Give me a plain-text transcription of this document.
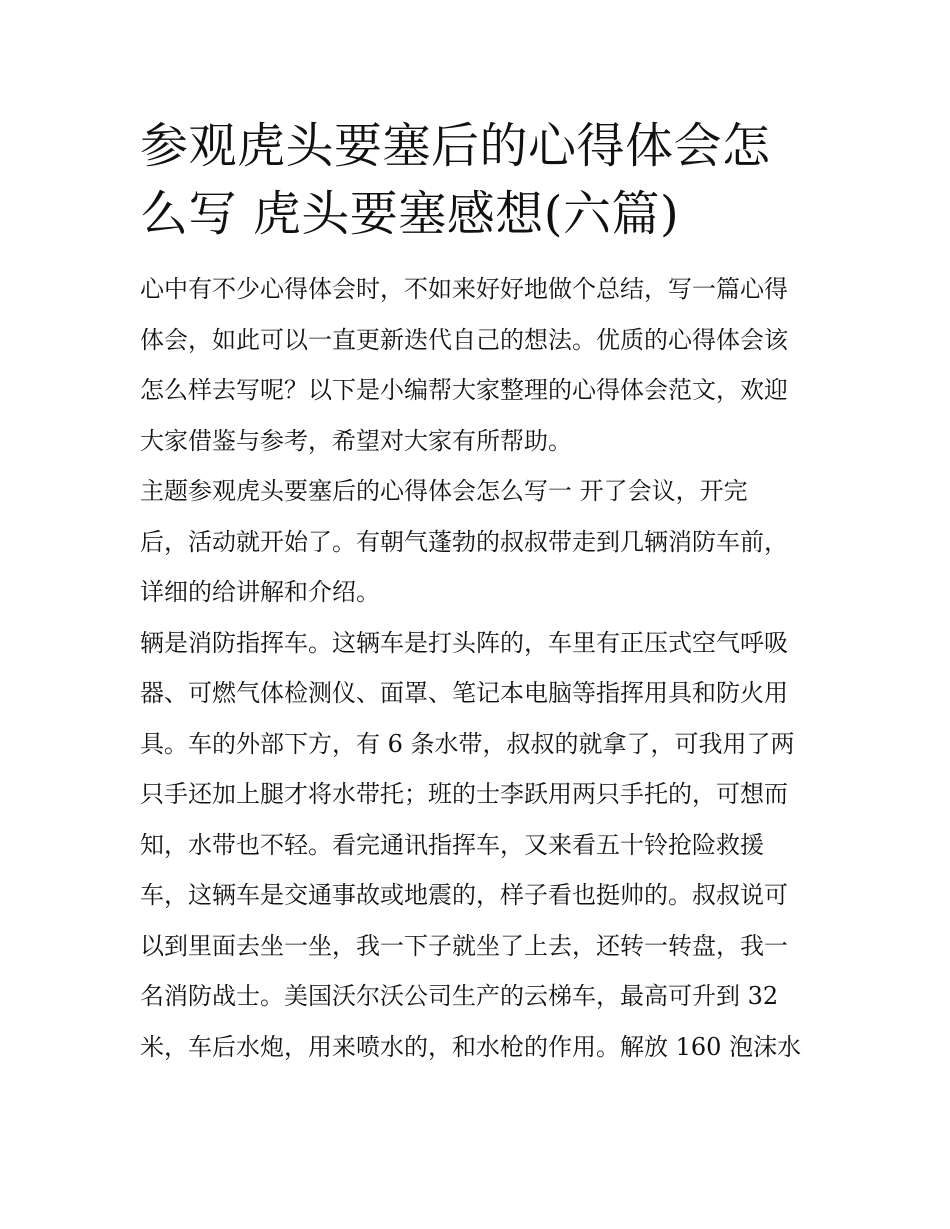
参观虎头要塞后的心得体会怎
么写 虎头要塞感想(六篇)

心中有不少心得体会时，不如来好好地做个总结，写一篇心得
体会，如此可以一直更新迭代自己的想法。优质的心得体会该
怎么样去写呢？以下是小编帮大家整理的心得体会范文，欢迎
大家借鉴与参考，希望对大家有所帮助。

主题参观虎头要塞后的心得体会怎么写一 开了会议，开完
后，活动就开始了。有朝气蓬勃的叔叔带走到几辆消防车前，
详细的给讲解和介绍。

辆是消防指挥车。这辆车是打头阵的，车里有正压式空气呼吸
器、可燃气体检测仪、面罩、笔记本电脑等指挥用具和防火用
具。车的外部下方，有 6 条水带，叔叔的就拿了，可我用了两
只手还加上腿才将水带托；班的士李跃用两只手托的，可想而
知，水带也不轻。看完通讯指挥车，又来看五十铃抢险救援
车，这辆车是交通事故或地震的，样子看也挺帅的。叔叔说可
以到里面去坐一坐，我一下子就坐了上去，还转一转盘，我一
名消防战士。美国沃尔沃公司生产的云梯车，最高可升到 32
米，车后水炮，用来喷水的，和水枪的作用。解放 160 泡沫水
